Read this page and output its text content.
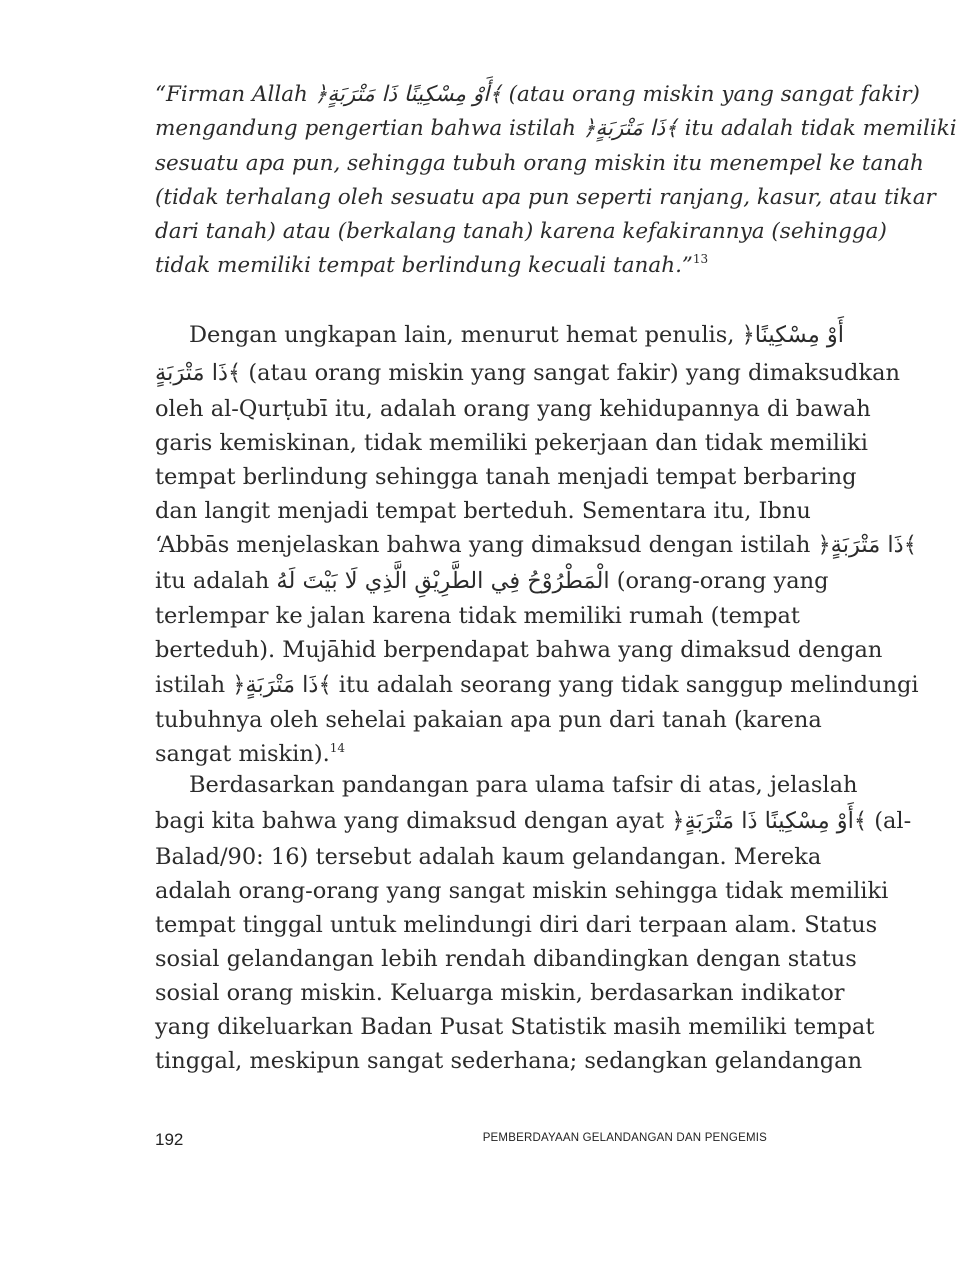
“Firman Allah ﴿أَوْ مِسْكِينًا ذَا مَتْرَبَةٍ﴾ (atau orang miskin yang sangat fakir)
mengandung pengertian bahwa istilah ﴿ذَا مَتْرَبَةٍ﴾ itu adalah tidak memiliki
sesuatu apa pun, sehingga tubuh orang miskin itu menempel ke tanah
(tidak terhalang oleh sesuatu apa pun seperti ranjang, kasur, atau tikar
dari tanah) atau (berkalang tanah) karena kefakirannya (sehingga)
tidak memiliki tempat berlindung kecuali tanah.”$^{13}$
Dengan ungkapan lain, menurut hemat penulis, ﴿أَوْ مِسْكِينًا
ذَا مَتْرَبَةٍ﴾ (atau orang miskin yang sangat fakir) yang dimaksudkan
oleh al-Qurṭubī itu, adalah orang yang kehidupannya di bawah
garis kemiskinan, tidak memiliki pekerjaan dan tidak memiliki
tempat berlindung sehingga tanah menjadi tempat berbaring
dan langit menjadi tempat berteduh. Sementara itu, Ibnu
‘Abbās menjelaskan bahwa yang dimaksud dengan istilah ﴿ذَا مَتْرَبَةٍ﴾
itu adalah الْمَطْرُوْحُ فِي الطَّرِيْقِ الَّذِي لَا بَيْتَ لَهُ (orang-orang yang
terlempar ke jalan karena tidak memiliki rumah (tempat
berteduh). Mujāhid berpendapat bahwa yang dimaksud dengan
istilah ﴿ذَا مَتْرَبَةٍ﴾ itu adalah seorang yang tidak sanggup melindungi
tubuhnya oleh sehelai pakaian apa pun dari tanah (karena
sangat miskin).$^{14}$
Berdasarkan pandangan para ulama tafsir di atas, jelaslah
bagi kita bahwa yang dimaksud dengan ayat ﴿أَوْ مِسْكِينًا ذَا مَتْرَبَةٍ﴾ (al-
Balad/90: 16) tersebut adalah kaum gelandangan. Mereka
adalah orang-orang yang sangat miskin sehingga tidak memiliki
tempat tinggal untuk melindungi diri dari terpaan alam. Status
sosial gelandangan lebih rendah dibandingkan dengan status
sosial orang miskin. Keluarga miskin, berdasarkan indikator
yang dikeluarkan Badan Pusat Statistik masih memiliki tempat
tinggal, meskipun sangat sederhana; sedangkan gelandangan
192	PEMBERDAYAAN GELANDANGAN DAN PENGEMIS
